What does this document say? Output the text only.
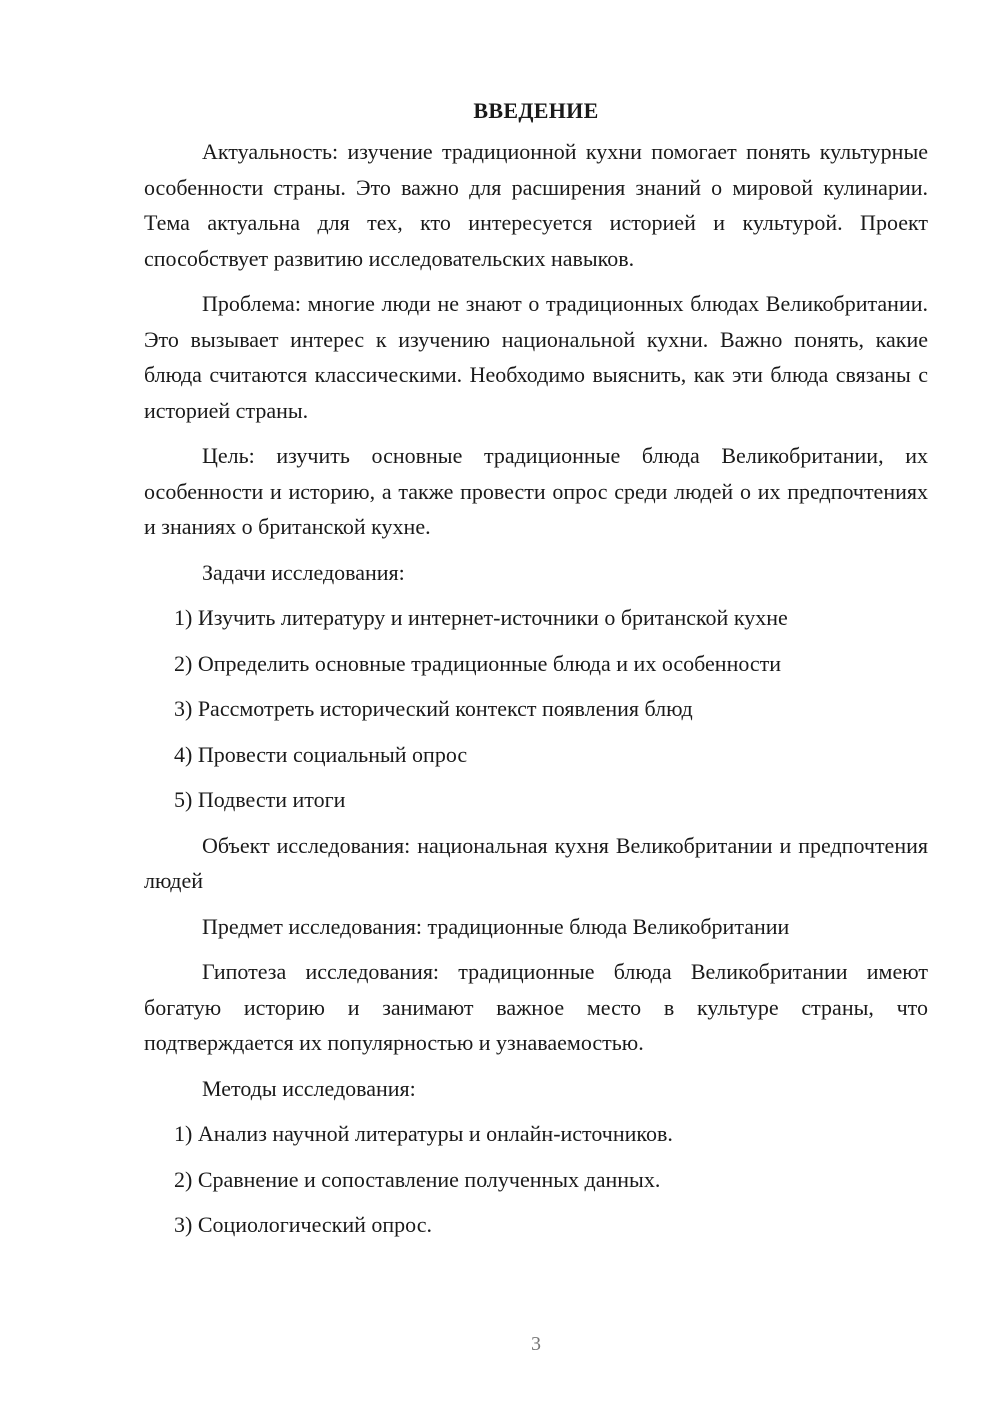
ВВЕДЕНИЕ

Актуальность: изучение традиционной кухни помогает понять культурные особенности страны. Это важно для расширения знаний о мировой кулинарии. Тема актуальна для тех, кто интересуется историей и культурой. Проект способствует развитию исследовательских навыков.

Проблема: многие люди не знают о традиционных блюдах Великобритании. Это вызывает интерес к изучению национальной кухни. Важно понять, какие блюда считаются классическими. Необходимо выяснить, как эти блюда связаны с историей страны.

Цель: изучить основные традиционные блюда Великобритании, их особенности и историю, а также провести опрос среди людей о их предпочтениях и знаниях о британской кухне.

Задачи исследования:

1) Изучить литературу и интернет-источники о британской кухне
2) Определить основные традиционные блюда и их особенности
3) Рассмотреть исторический контекст появления блюд
4) Провести социальный опрос
5) Подвести итоги

Объект исследования: национальная кухня Великобритании и предпочтения людей

Предмет исследования: традиционные блюда Великобритании

Гипотеза исследования: традиционные блюда Великобритании имеют богатую историю и занимают важное место в культуре страны, что подтверждается их популярностью и узнаваемостью.

Методы исследования:

1) Анализ научной литературы и онлайн-источников.
2) Сравнение и сопоставление полученных данных.
3) Социологический опрос.
3
